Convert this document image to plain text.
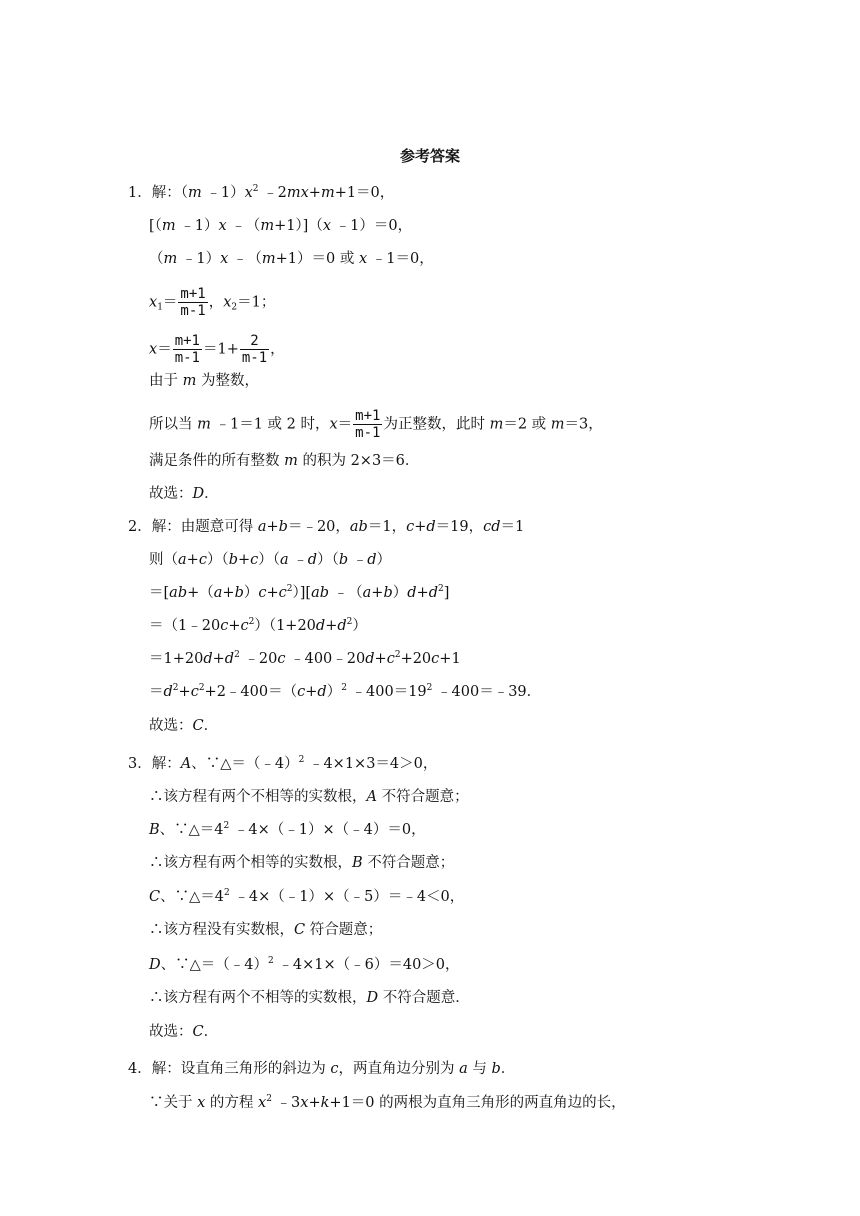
参考答案
1．解：（m $﹣1)x^2$ ﹣2mx+m+1＝0，
[（m ﹣1）x ﹣（m+1）]（x ﹣1）＝0，
（m ﹣1）x ﹣（m+1）＝0 或 x ﹣1＝0，
$x_1= \frac{m+1}{m-1}$ ，$x_2=1$；
$x= \frac{m+1}{m-1} =1+ \frac{2}{m-1}$ ，
由于 m 为整数，
所以当 m ﹣1＝1 或 2 时，$x= \frac{m+1}{m-1}$ 为正整数，此时 m＝2 或 m＝3，
满足条件的所有整数 m 的积为 2×3＝6．
故选：D．
2．解：由题意可得 a+b＝﹣20，ab＝1，c+d＝19，cd＝1
则（a+c）（b+c）（a ﹣d）（b ﹣d）
$=[ab+(a+b)c+c^2)][ab$ $﹣(a+b)d+d^2$]
$=(1﹣20c+c^2)(1+20d+d^2)$
$=1+20d+d^2$ ﹣20c $﹣400﹣20d+c^2+20c+1$
$=d^2+c^2+2﹣400=(c+d)^2$ $﹣400=19^2$ ﹣400＝﹣39．
故选：C．
3．解：A、∵△＝（﹣4）$^2$ ﹣4×1×3＝4＞0，
∴该方程有两个不相等的实数根，A 不符合题意；
B、$\because\triangle=4^2$ ﹣4×（﹣1）×（﹣4）＝0，
∴该方程有两个相等的实数根，B 不符合题意；
C、$\because\triangle=4^2$ ﹣4×（﹣1）×（﹣5）＝﹣4＜0，
∴该方程没有实数根，C 符合题意；
D、∵△＝（﹣4）$^2$ ﹣4×1×（﹣6）＝40＞0，
∴该方程有两个不相等的实数根，D 不符合题意．
故选：C．
4．解：设直角三角形的斜边为 c，两直角边分别为 a 与 b．
∵关于 x 的方程 $x^2$ ﹣3x+k+1＝0 的两根为直角三角形的两直角边的长，
